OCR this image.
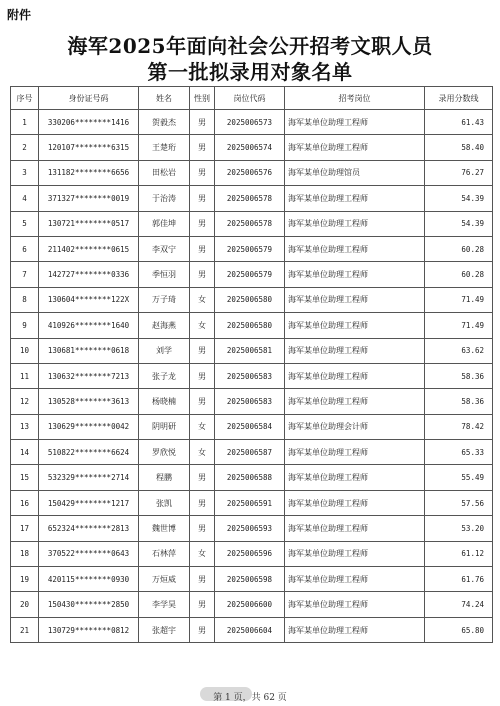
附件
海军2025年面向社会公开招考文职人员
第一批拟录用对象名单
序号	身份证号码	姓名	性别	岗位代码	招考岗位	录用分数线
1	330206********1416	贺毅杰	男	2025006573	海军某单位助理工程师	61.43
2	120107********6315	王楚珩	男	2025006574	海军某单位助理工程师	58.40
3	131182********6656	田松岩	男	2025006576	海军某单位助理馆员	76.27
4	371327********0019	于治涛	男	2025006578	海军某单位助理工程师	54.39
5	130721********0517	郭佳坤	男	2025006578	海军某单位助理工程师	54.39
6	211402********0615	李双宁	男	2025006579	海军某单位助理工程师	60.28
7	142727********0336	季恒羽	男	2025006579	海军某单位助理工程师	60.28
8	130604********122X	万子琦	女	2025006580	海军某单位助理工程师	71.49
9	410926********1640	赵海燕	女	2025006580	海军某单位助理工程师	71.49
10	130681********0618	刘学	男	2025006581	海军某单位助理工程师	63.62
11	130632********7213	张子龙	男	2025006583	海军某单位助理工程师	58.36
12	130528********3613	杨晓楠	男	2025006583	海军某单位助理工程师	58.36
13	130629********0042	阴明研	女	2025006584	海军某单位助理会计师	78.42
14	510822********6624	罗欣悦	女	2025006587	海军某单位助理工程师	65.33
15	532329********2714	程鹏	男	2025006588	海军某单位助理工程师	55.49
16	150429********1217	张凯	男	2025006591	海军某单位助理工程师	57.56
17	652324********2813	魏世博	男	2025006593	海军某单位助理工程师	53.20
18	370522********0643	石林萍	女	2025006596	海军某单位助理工程师	61.12
19	420115********0930	万烜威	男	2025006598	海军某单位助理工程师	61.76
20	150430********2850	李学昊	男	2025006600	海军某单位助理工程师	74.24
21	130729********0812	张超宇	男	2025006604	海军某单位助理工程师	65.80
第 1 页，共 62 页
